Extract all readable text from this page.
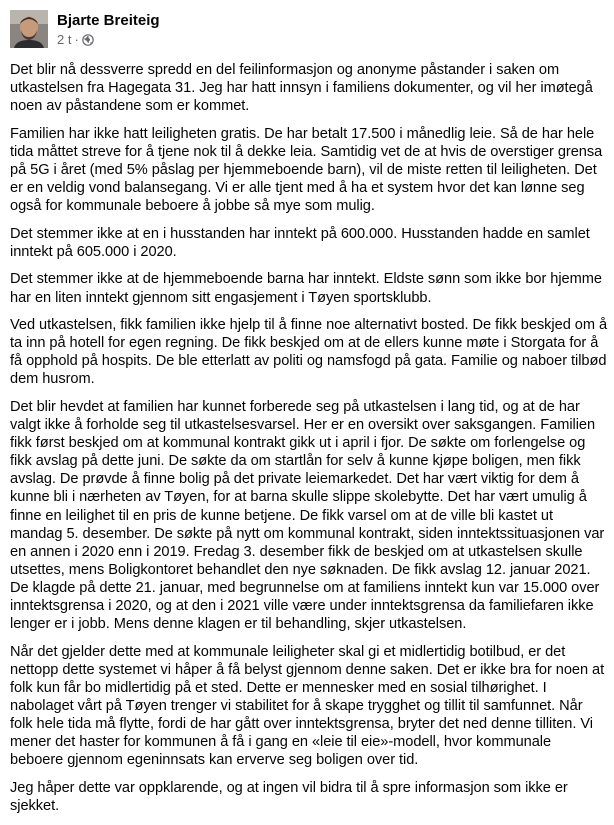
Bjarte Breiteig
2 t ·

Det blir nå dessverre spredd en del feilinformasjon og anonyme påstander i saken om utkastelsen fra Hagegata 31. Jeg har hatt innsyn i familiens dokumenter, og vil her imøtegå noen av påstandene som er kommet.

Familien har ikke hatt leiligheten gratis. De har betalt 17.500 i månedlig leie. Så de har hele tida måttet streve for å tjene nok til å dekke leia. Samtidig vet de at hvis de overstiger grensa på 5G i året (med 5% påslag per hjemmeboende barn), vil de miste retten til leiligheten. Det er en veldig vond balansegang. Vi er alle tjent med å ha et system hvor det kan lønne seg også for kommunale beboere å jobbe så mye som mulig.

Det stemmer ikke at en i husstanden har inntekt på 600.000. Husstanden hadde en samlet inntekt på 605.000 i 2020.

Det stemmer ikke at de hjemmeboende barna har inntekt. Eldste sønn som ikke bor hjemme har en liten inntekt gjennom sitt engasjement i Tøyen sportsklubb.

Ved utkastelsen, fikk familien ikke hjelp til å finne noe alternativt bosted. De fikk beskjed om å ta inn på hotell for egen regning. De fikk beskjed om at de ellers kunne møte i Storgata for å få opphold på hospits. De ble etterlatt av politi og namsfogd på gata. Familie og naboer tilbød dem husrom.

Det blir hevdet at familien har kunnet forberede seg på utkastelsen i lang tid, og at de har valgt ikke å forholde seg til utkastelsesvarsel. Her er en oversikt over saksgangen. Familien fikk først beskjed om at kommunal kontrakt gikk ut i april i fjor. De søkte om forlengelse og fikk avslag på dette juni. De søkte da om startlån for selv å kunne kjøpe boligen, men fikk avslag. De prøvde å finne bolig på det private leiemarkedet. Det har vært viktig for dem å kunne bli i nærheten av Tøyen, for at barna skulle slippe skolebytte. Det har vært umulig å finne en leilighet til en pris de kunne betjene. De fikk varsel om at de ville bli kastet ut mandag 5. desember. De søkte på nytt om kommunal kontrakt, siden inntektssituasjonen var en annen i 2020 enn i 2019. Fredag 3. desember fikk de beskjed om at utkastelsen skulle utsettes, mens Boligkontoret behandlet den nye søknaden. De fikk avslag 12. januar 2021. De klagde på dette 21. januar, med begrunnelse om at familiens inntekt kun var 15.000 over inntektsgrensa i 2020, og at den i 2021 ville være under inntektsgrensa da familiefaren ikke lenger er i jobb. Mens denne klagen er til behandling, skjer utkastelsen.

Når det gjelder dette med at kommunale leiligheter skal gi et midlertidig botilbud, er det nettopp dette systemet vi håper å få belyst gjennom denne saken. Det er ikke bra for noen at folk kun får bo midlertidig på et sted. Dette er mennesker med en sosial tilhørighet. I nabolaget vårt på Tøyen trenger vi stabilitet for å skape trygghet og tillit til samfunnet. Når folk hele tida må flytte, fordi de har gått over inntektsgrensa, bryter det ned denne tilliten. Vi mener det haster for kommunen å få i gang en «leie til eie»-modell, hvor kommunale beboere gjennom egeninnsats kan erverve seg boligen over tid.

Jeg håper dette var oppklarende, og at ingen vil bidra til å spre informasjon som ikke er sjekket.
